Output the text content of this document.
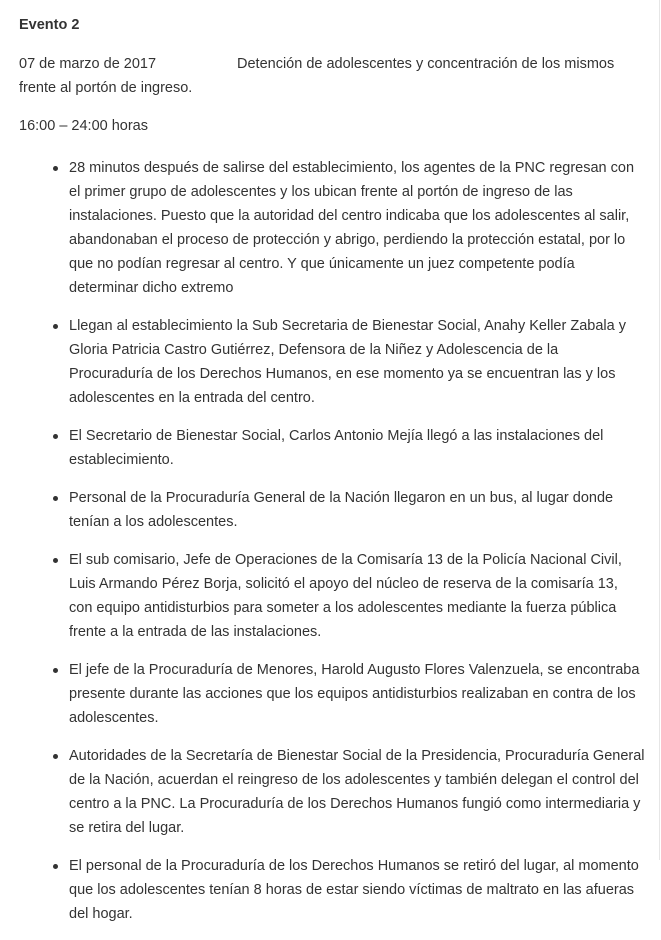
Evento 2

07 de marzo de 2017	Detención de adolescentes y concentración de los mismos frente al portón de ingreso.

16:00 – 24:00 horas

28 minutos después de salirse del establecimiento, los agentes de la PNC regresan con el primer grupo de adolescentes y los ubican frente al portón de ingreso de las instalaciones. Puesto que la autoridad del centro indicaba que los adolescentes al salir, abandonaban el proceso de protección y abrigo, perdiendo la protección estatal, por lo que no podían regresar al centro. Y que únicamente un juez competente podía determinar dicho extremo
Llegan al establecimiento la Sub Secretaria de Bienestar Social, Anahy Keller Zabala y Gloria Patricia Castro Gutiérrez, Defensora de la Niñez y Adolescencia de la Procuraduría de los Derechos Humanos, en ese momento ya se encuentran las y los adolescentes en la entrada del centro.
El Secretario de Bienestar Social, Carlos Antonio Mejía llegó a las instalaciones del establecimiento.
Personal de la Procuraduría General de la Nación llegaron en un bus, al lugar donde tenían a los adolescentes.
El sub comisario, Jefe de Operaciones de la Comisaría 13 de la Policía Nacional Civil, Luis Armando Pérez Borja, solicitó el apoyo del núcleo de reserva de la comisaría 13, con equipo antidisturbios para someter a los adolescentes mediante la fuerza pública frente a la entrada de las instalaciones.
El jefe de la Procuraduría de Menores, Harold Augusto Flores Valenzuela, se encontraba presente durante las acciones que los equipos antidisturbios realizaban en contra de los adolescentes.
Autoridades de la Secretaría de Bienestar Social de la Presidencia, Procuraduría General de la Nación, acuerdan el reingreso de los adolescentes y también delegan el control del centro a la PNC. La Procuraduría de los Derechos Humanos fungió como intermediaria y se retira del lugar.
El personal de la Procuraduría de los Derechos Humanos se retiró del lugar, al momento que los adolescentes tenían 8 horas de estar siendo víctimas de maltrato en las afueras del hogar.
